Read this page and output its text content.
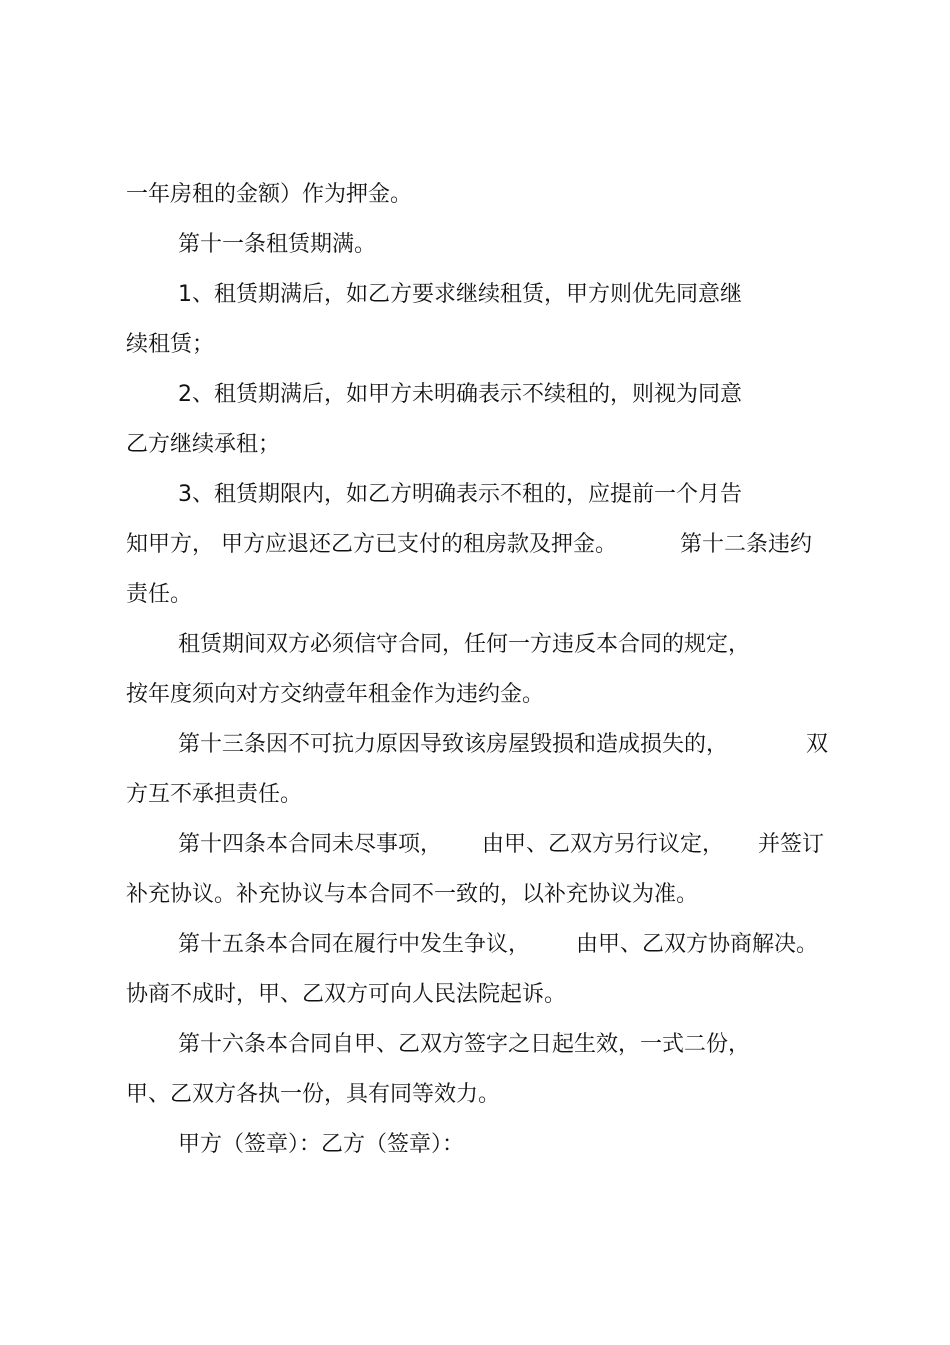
一年房租的金额）作为押金。
第十一条租赁期满。
1、租赁期满后，如乙方要求继续租赁，甲方则优先同意继
续租赁；
2、租赁期满后，如甲方未明确表示不续租的，则视为同意
乙方继续承租；
3、租赁期限内，如乙方明确表示不租的，应提前一个月告
知甲方， 甲方应退还乙方已支付的租房款及押金。	第十二条违约
责任。
租赁期间双方必须信守合同，任何一方违反本合同的规定，
按年度须向对方交纳壹年租金作为违约金。
第十三条因不可抗力原因导致该房屋毁损和造成损失的，	双
方互不承担责任。
第十四条本合同未尽事项， 由甲、乙双方另行议定， 并签订
补充协议。补充协议与本合同不一致的，以补充协议为准。
第十五条本合同在履行中发生争议， 由甲、乙双方协商解决。
协商不成时，甲、乙双方可向人民法院起诉。
第十六条本合同自甲、乙双方签字之日起生效，一式二份，
甲、乙双方各执一份，具有同等效力。
甲方（签章）：乙方（签章）：
